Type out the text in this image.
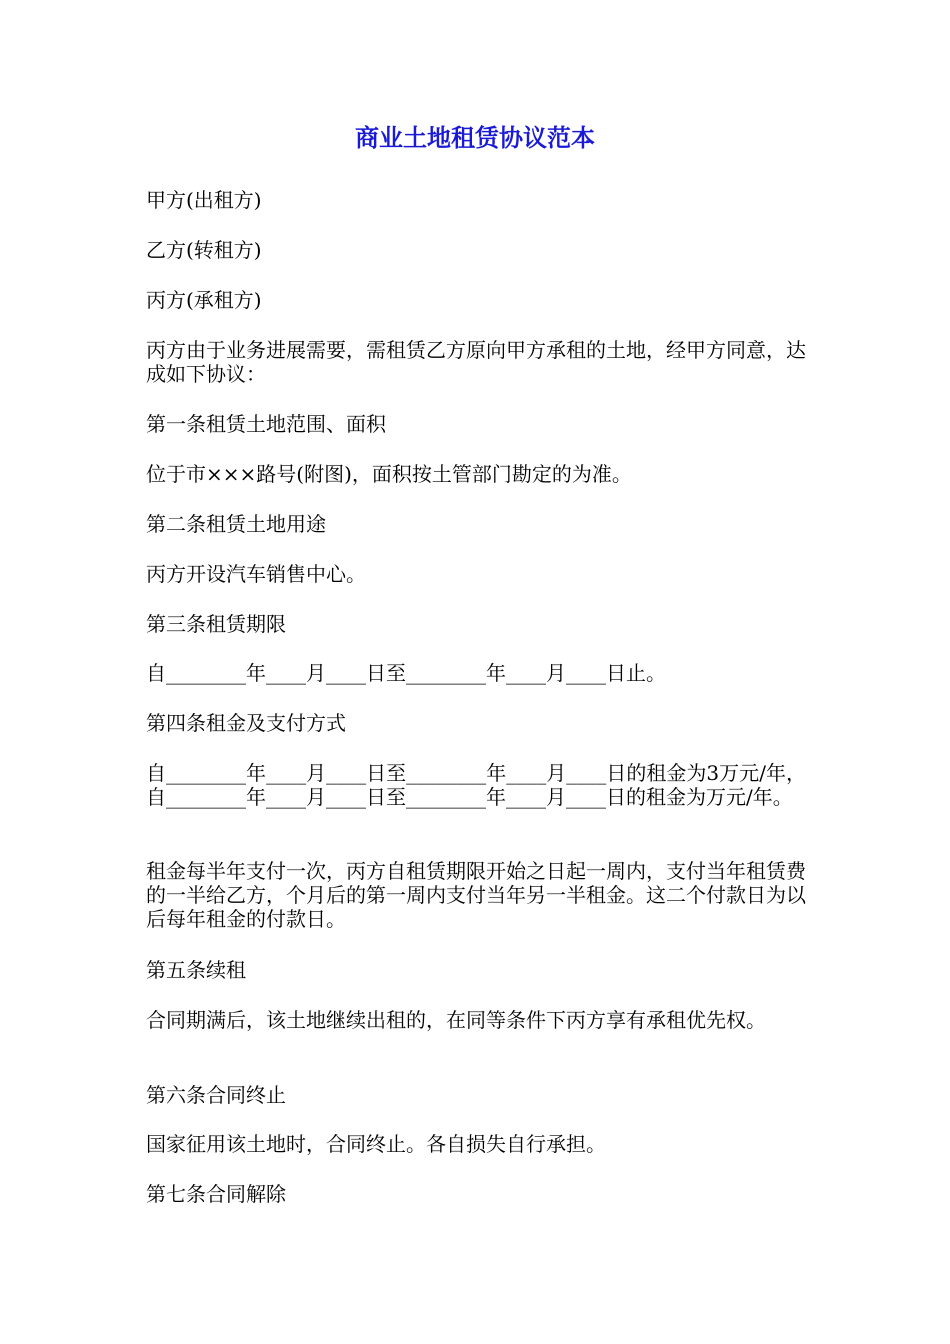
商业土地租赁协议范本

甲方(出租方)

乙方(转租方)

丙方(承租方)

丙方由于业务进展需要，需租赁乙方原向甲方承租的土地，经甲方同意，达成如下协议：

第一条租赁土地范围、面积

位于市×××路号(附图)，面积按土管部门勘定的为准。

第二条租赁土地用途

丙方开设汽车销售中心。

第三条租赁期限

自________年____月____日至________年____月____日止。

第四条租金及支付方式

自________年____月____日至________年____月____日的租金为3万元/年，自________年____月____日至________年____月____日的租金为万元/年。

租金每半年支付一次，丙方自租赁期限开始之日起一周内，支付当年租赁费的一半给乙方，个月后的第一周内支付当年另一半租金。这二个付款日为以后每年租金的付款日。

第五条续租

合同期满后，该土地继续出租的，在同等条件下丙方享有承租优先权。

第六条合同终止

国家征用该土地时，合同终止。各自损失自行承担。

第七条合同解除
